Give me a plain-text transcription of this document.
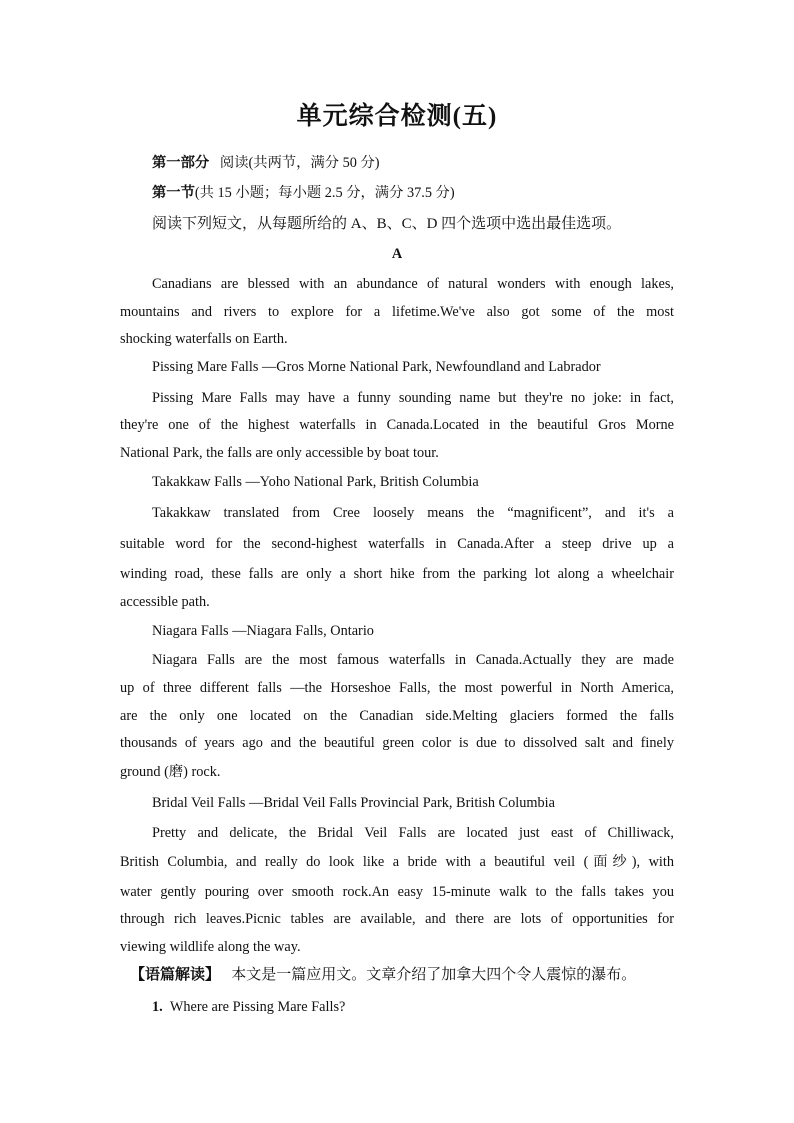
单元综合检测(五)
第一部分 阅读(共两节，满分 50 分)
第一节(共 15 小题；每小题 2.5 分，满分 37.5 分)
阅读下列短文，从每题所给的 A、B、C、D 四个选项中选出最佳选项。
A
Canadians are blessed with an abundance of natural wonders with enough lakes,
mountains and rivers to explore for a lifetime.We've also got some of the most
shocking waterfalls on Earth.
Pissing Mare Falls —Gros Morne National Park, Newfoundland and Labrador
Pissing Mare Falls may have a funny sounding name but they're no joke: in fact,
they're one of the highest waterfalls in Canada.Located in the beautiful Gros Morne
National Park, the falls are only accessible by boat tour.
Takakkaw Falls —Yoho National Park, British Columbia
Takakkaw translated from Cree loosely means the “magnificent”, and it's a
suitable word for the second‐highest waterfalls in Canada.After a steep drive up a
winding road, these falls are only a short hike from the parking lot along a wheelchair
accessible path.
Niagara Falls —Niagara Falls, Ontario
Niagara Falls are the most famous waterfalls in Canada.Actually they are made
up of three different falls —the Horseshoe Falls, the most powerful in North America,
are the only one located on the Canadian side.Melting glaciers formed the falls
thousands of years ago and the beautiful green color is due to dissolved salt and finely
ground (磨) rock.
Bridal Veil Falls —Bridal Veil Falls Provincial Park, British Columbia
Pretty and delicate, the Bridal Veil Falls are located just east of Chilliwack,
British Columbia, and really do look like a bride with a beautiful veil (面纱), with
water gently pouring over smooth rock.An easy 15-minute walk to the falls takes you
through rich leaves.Picnic tables are available, and there are lots of opportunities for
viewing wildlife along the way.
【语篇解读】 本文是一篇应用文。文章介绍了加拿大四个令人震惊的瀑布。
1. Where are Pissing Mare Falls?
